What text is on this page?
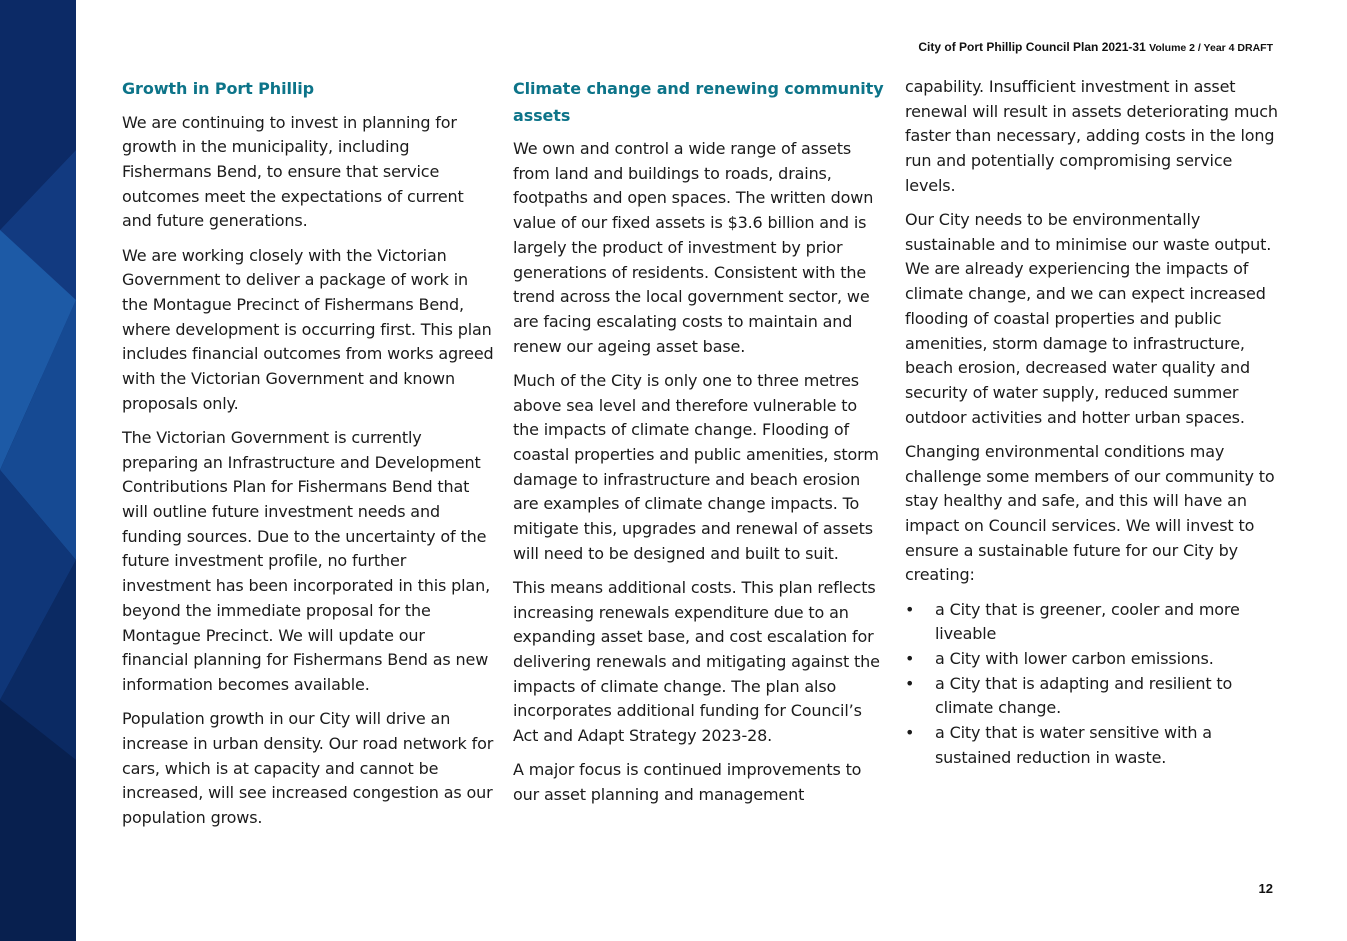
City of Port Phillip Council Plan 2021-31 Volume 2 / Year 4 DRAFT
Growth in Port Phillip

We are continuing to invest in planning for growth in the municipality, including Fishermans Bend, to ensure that service outcomes meet the expectations of current and future generations.

We are working closely with the Victorian Government to deliver a package of work in the Montague Precinct of Fishermans Bend, where development is occurring first. This plan includes financial outcomes from works agreed with the Victorian Government and known proposals only.

The Victorian Government is currently preparing an Infrastructure and Development Contributions Plan for Fishermans Bend that will outline future investment needs and funding sources. Due to the uncertainty of the future investment profile, no further investment has been incorporated in this plan, beyond the immediate proposal for the Montague Precinct. We will update our financial planning for Fishermans Bend as new information becomes available.

Population growth in our City will drive an increase in urban density. Our road network for cars, which is at capacity and cannot be increased, will see increased congestion as our population grows.

Climate change and renewing community assets

We own and control a wide range of assets from land and buildings to roads, drains, footpaths and open spaces. The written down value of our fixed assets is $3.6 billion and is largely the product of investment by prior generations of residents. Consistent with the trend across the local government sector, we are facing escalating costs to maintain and renew our ageing asset base.

Much of the City is only one to three metres above sea level and therefore vulnerable to the impacts of climate change. Flooding of coastal properties and public amenities, storm damage to infrastructure and beach erosion are examples of climate change impacts. To mitigate this, upgrades and renewal of assets will need to be designed and built to suit.

This means additional costs. This plan reflects increasing renewals expenditure due to an expanding asset base, and cost escalation for delivering renewals and mitigating against the impacts of climate change. The plan also incorporates additional funding for Council’s Act and Adapt Strategy 2023-28.

A major focus is continued improvements to our asset planning and management

capability. Insufficient investment in asset renewal will result in assets deteriorating much faster than necessary, adding costs in the long run and potentially compromising service levels.

Our City needs to be environmentally sustainable and to minimise our waste output. We are already experiencing the impacts of climate change, and we can expect increased flooding of coastal properties and public amenities, storm damage to infrastructure, beach erosion, decreased water quality and security of water supply, reduced summer outdoor activities and hotter urban spaces.

Changing environmental conditions may challenge some members of our community to stay healthy and safe, and this will have an impact on Council services. We will invest to ensure a sustainable future for our City by creating:

• a City that is greener, cooler and more liveable
• a City with lower carbon emissions.
• a City that is adapting and resilient to climate change.
• a City that is water sensitive with a sustained reduction in waste.
12
